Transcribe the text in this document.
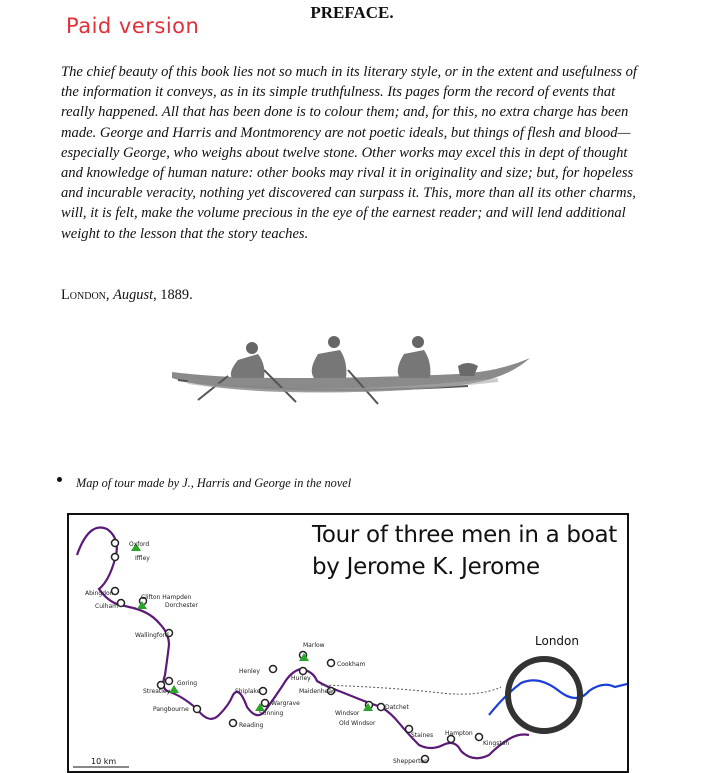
Paid version
PREFACE.
The chief beauty of this book lies not so much in its literary style, or in the extent and usefulness of the information it conveys, as in its simple truthfulness. Its pages form the record of events that really happened. All that has been done is to colour them; and, for this, no extra charge has been made. George and Harris and Montmorency are not poetic ideals, but things of flesh and blood—especially George, who weighs about twelve stone. Other works may excel this in dept of thought and knowledge of human nature: other books may rival it in originality and size; but, for hopeless and incurable veracity, nothing yet discovered can surpass it. This, more than all its other charms, will, it is felt, make the volume precious in the eye of the earnest reader; and will lend additional weight to the lesson that the story teaches.
London, August, 1889.
Map of tour made by J., Harris and George in the novel
Tour of three men in a boat
by Jerome K. Jerome
London
10 km
Oxford
Iffley
Abingdon
Culham
Clifton Hampden
Dorchester
Wallingford
Goring
Streatley
Pangbourne
Reading
Sonning
Shiplake
Wargrave
Henley
Marlow
Hurley
Cookham
Maidenhead
Windsor
Old Windsor
Datchet
Staines Hampton
Kingston
Shepperton
